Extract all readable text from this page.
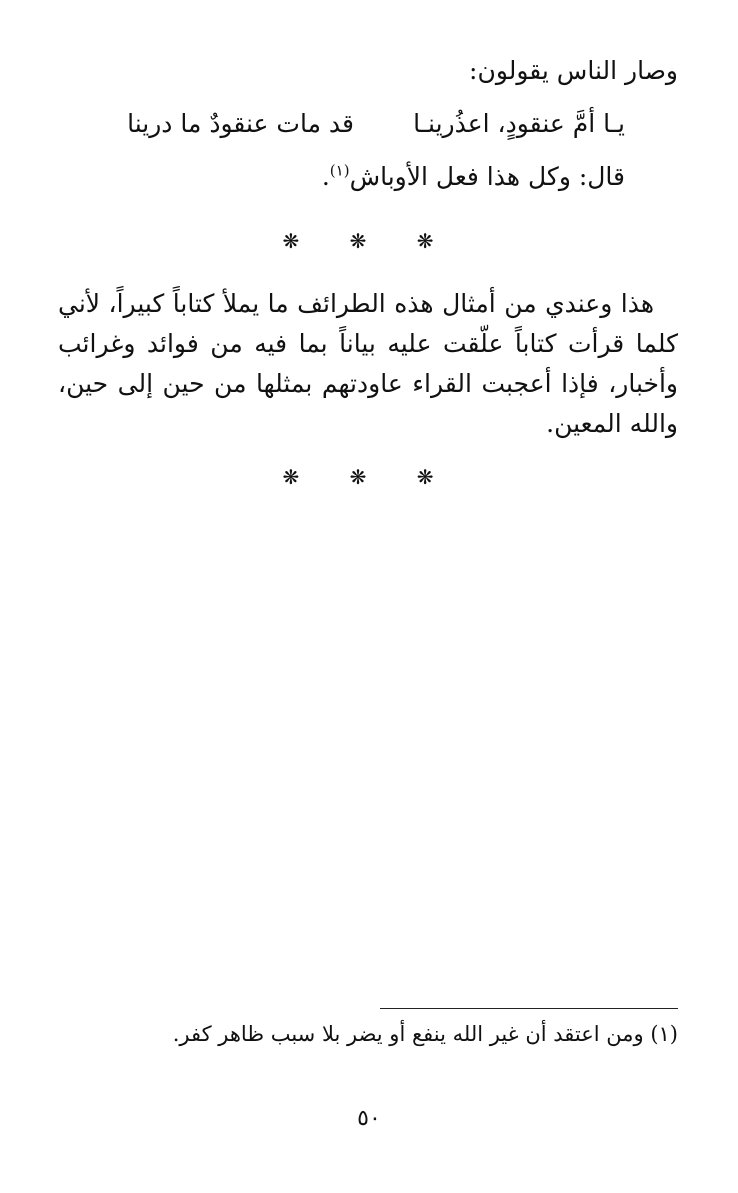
وصار الناس يقولون:
يـا أمَّ عنقودٍ، اعذُرينـا
قد مات عنقودٌ ما درينا
قال: وكل هذا فعل الأوباش$^{(١)}$.
❋ ❋ ❋
هذا وعندي من أمثال هذه الطرائف ما يملأ كتاباً كبيراً، لأني كلما قرأت كتاباً علّقت عليه بياناً بما فيه من فوائد وغرائب وأخبار، فإذا أعجبت القراء عاودتهم بمثلها من حين إلى حين، والله المعين.
❋ ❋ ❋
(١) ومن اعتقد أن غير الله ينفع أو يضر بلا سبب ظاهر كفر.
٥٠
